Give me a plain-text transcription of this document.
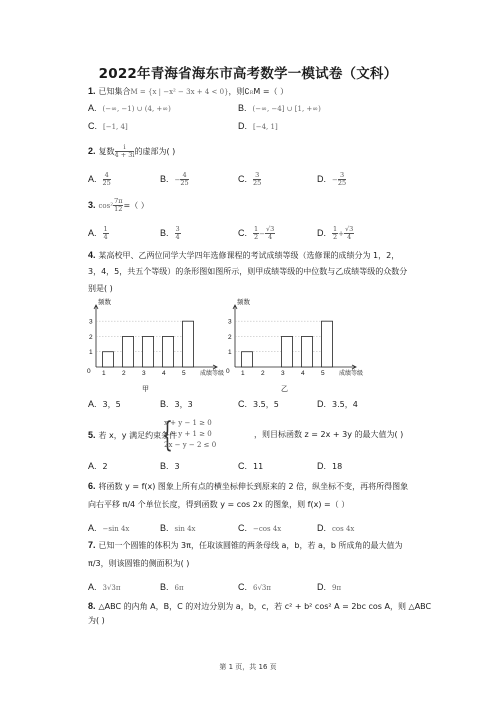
2022年青海省海东市高考数学一模试卷（文科）
1. 已知集合M = {x | −x² − 3x + 4 < 0}，则∁RM =（ ）
A. (−∞, −1) ∪ (4, +∞)	B. (−∞, −4] ∪ [1, +∞)
C. [−1, 4]	D. [−4, 1]
2. 复数 $\frac{i}{4 + 3i}$ 的虚部为( )
A. $\frac{4}{25}$	B. − $\frac{4}{25}$	C. $\frac{3}{25}$	D. − $\frac{3}{25}$
3. $\cos^2 \frac{7\pi}{12}$ =（ ）
A. $\frac{1}{4}$	B. $\frac{3}{4}$	C. $\frac{1}{2} - \frac{√3}{4}$	D. $\frac{1}{2} + \frac{√3}{4}$
4. 某高校甲、乙两位同学大学四年选修课程的考试成绩等级（选修课的成绩分为 1，2，
3，4，5，共五个等级）的条形图如图所示，则甲成绩等级的中位数与乙成绩等级的众数分
别是( )
频数
成绩等级
0
甲
1
2
3
1	2	3	4	5
频数
成绩等级
0
乙
1
2
3
1	2	3	4	5
A. 3，5	B. 3，3	C. 3.5，5	D. 3.5，4
5. 若 x，y 满足约束条件
{
x + y − 1 ≥ 0
x − y + 1 ≥ 0
2x − y − 2 ≤ 0
，则目标函数 z = 2x + 3y 的最大值为( )
A. 2	B. 3	C. 11	D. 18
6. 将函数 y = f(x) 图象上所有点的横坐标伸长到原来的 2 倍，纵坐标不变，再将所得图象
向右平移 π/4 个单位长度，得到函数 y = cos 2x 的图象，则 f(x) =（ ）
A. −sin 4x	B. sin 4x	C. −cos 4x	D. cos 4x
7. 已知一个圆锥的体积为 3π，任取该圆锥的两条母线 a，b，若 a，b 所成角的最大值为
π/3，则该圆锥的侧面积为( )
A. 3√3π	B. 6π	C. 6√3π	D. 9π
8. △ABC 的内角 A，B，C 的对边分别为 a，b，c，若 c² + b² cos² A = 2bc cos A，则 △ABC
为( )
第 1 页，共 16 页
